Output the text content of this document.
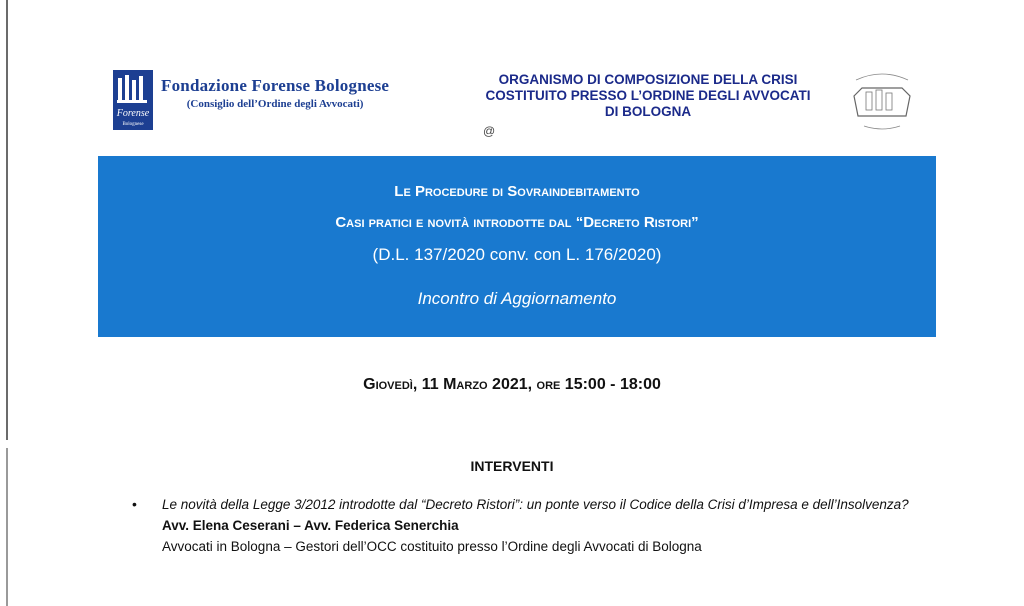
Forense
Bolognese
Fondazione Forense Bolognese
(Consiglio dell’Ordine degli Avvocati)
ORGANISMO DI COMPOSIZIONE DELLA CRISI
COSTITUITO PRESSO L’ORDINE DEGLI AVVOCATI
DI BOLOGNA
@
Le Procedure di Sovraindebitamento
Casi pratici e novità introdotte dal “Decreto Ristori”
(D.L. 137/2020 conv. con L. 176/2020)
Incontro di Aggiornamento
Giovedì, 11 Marzo 2021, ore 15:00 - 18:00
INTERVENTI
• Le novità della Legge 3/2012 introdotte dal “Decreto Ristori”: un ponte verso il Codice della Crisi d’Impresa e dell’Insolvenza?
Avv. Elena Ceserani – Avv. Federica Senerchia
Avvocati in Bologna – Gestori dell’OCC costituito presso l’Ordine degli Avvocati di Bologna
